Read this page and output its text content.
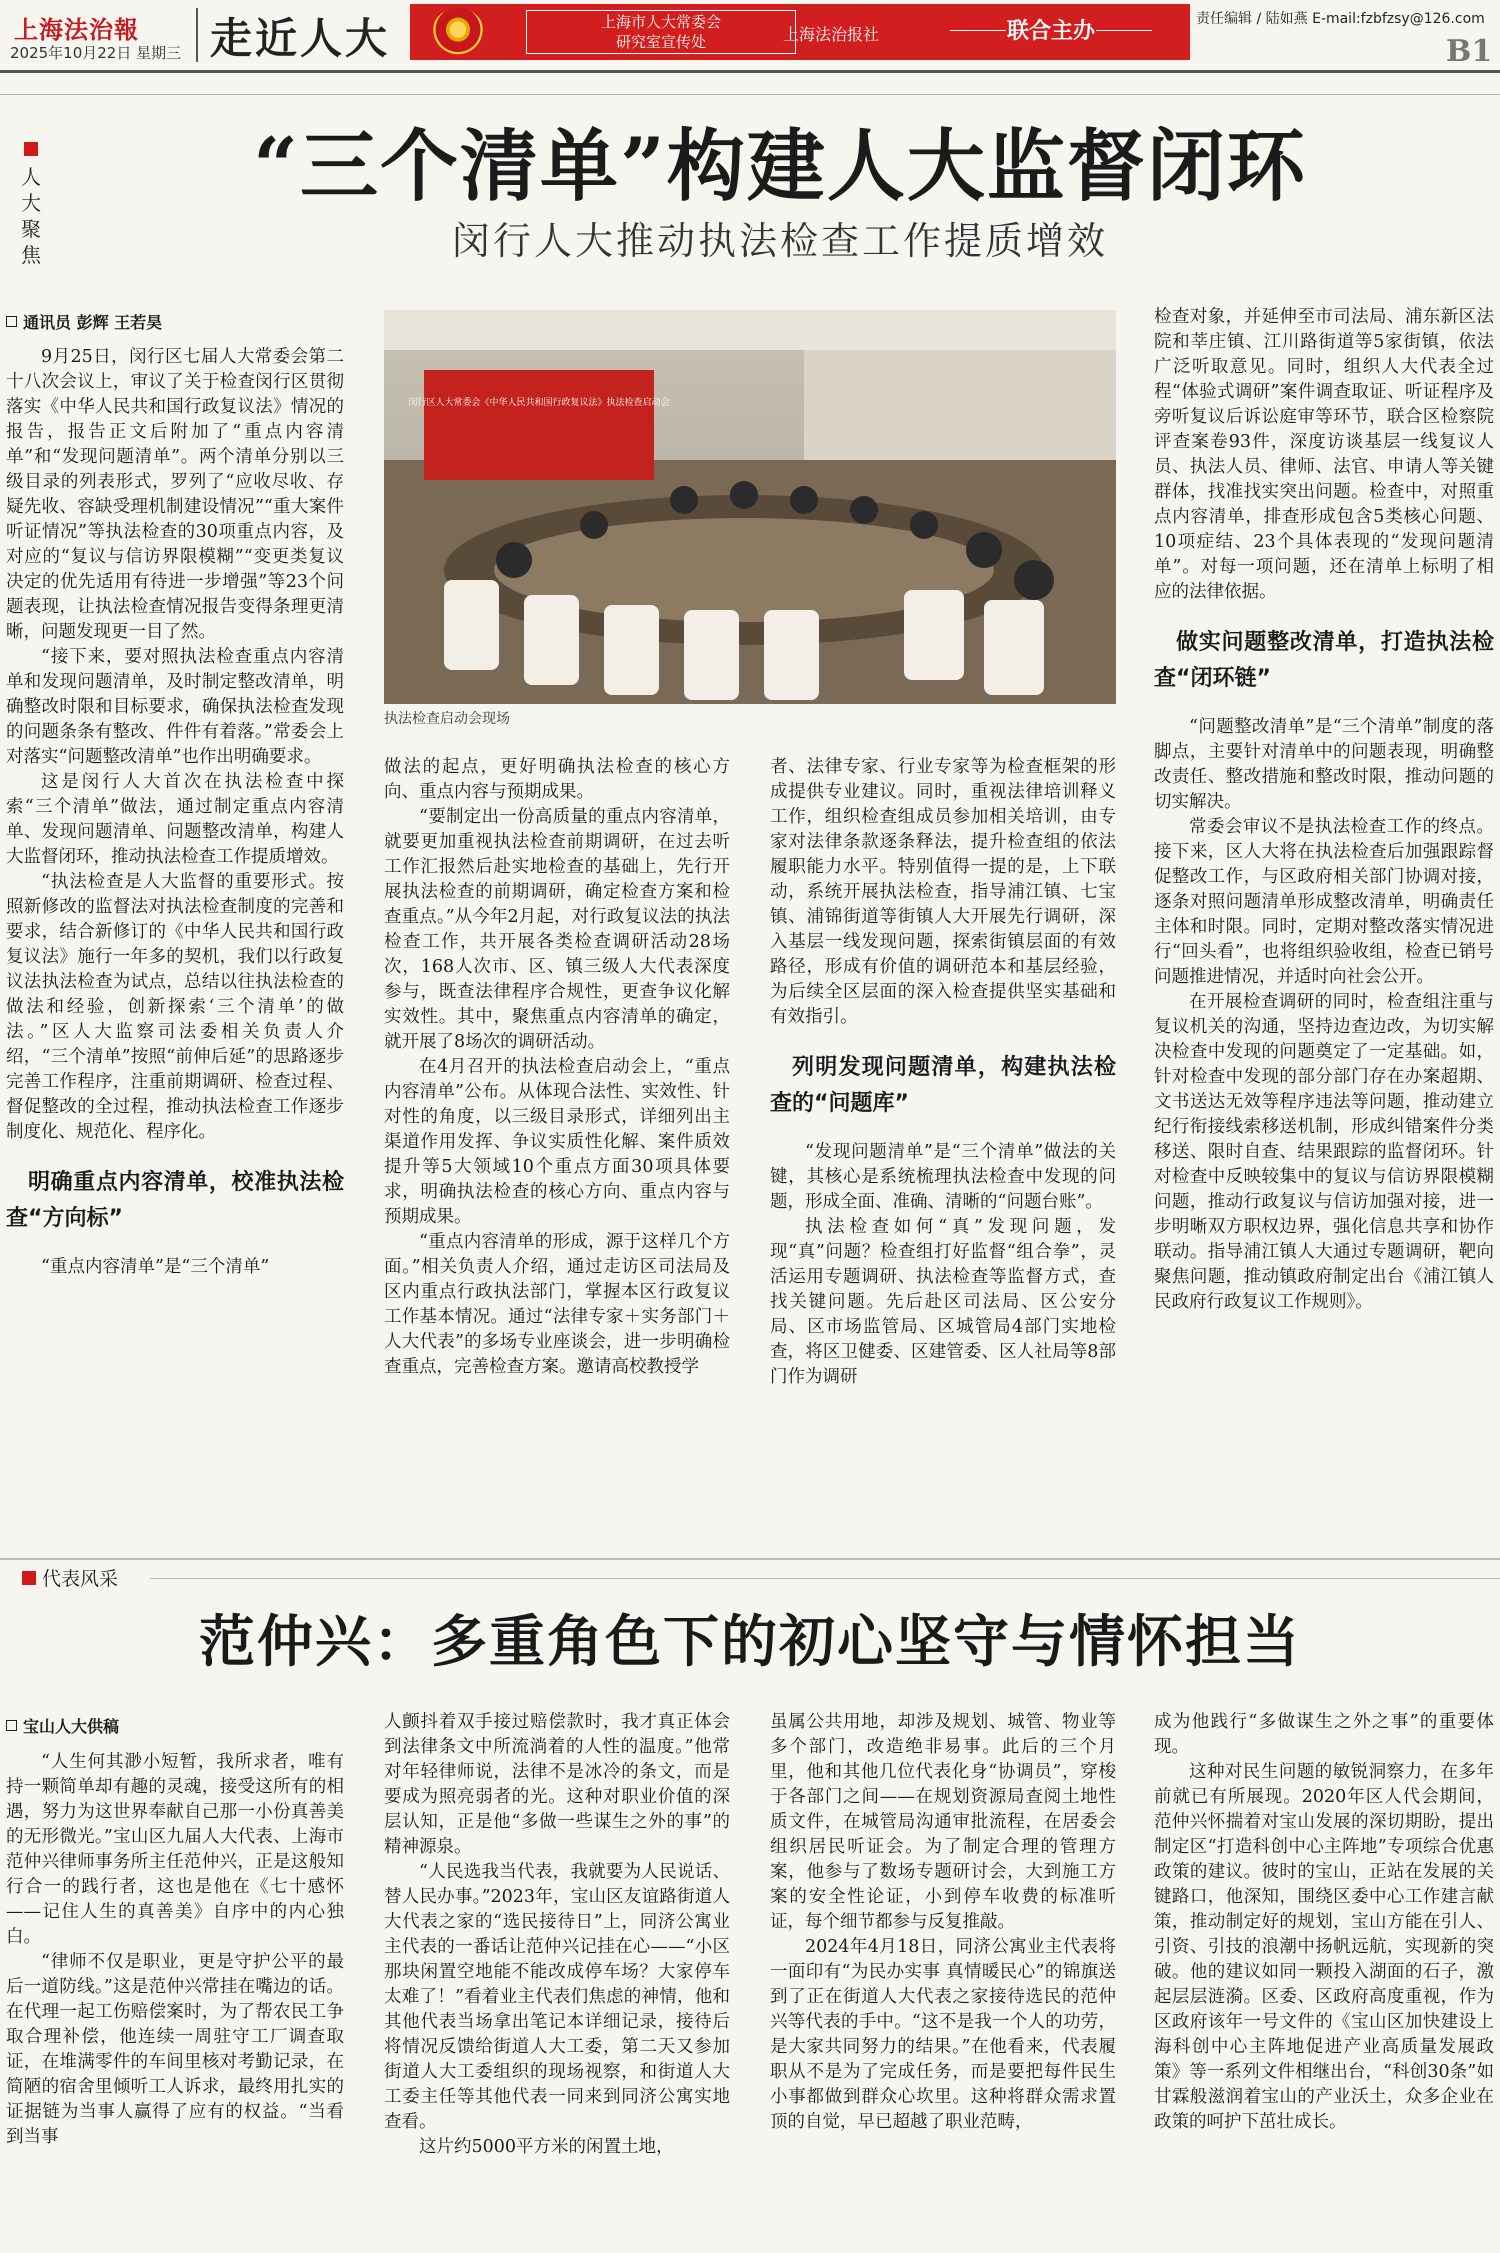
上海法治報
2025年10月22日 星期三 走近人大	上海市人大常委会
研究室宣传处	上海法治报社	联合主办	责任编辑 / 陆如燕 E-mail:fzbfzsy@126.com
B1
人大聚焦
“三个清单”构建人大监督闭环
闵行人大推动执法检查工作提质增效
通讯员 彭辉 王若昊

9月25日，闵行区七届人大常委会第二十八次会议上，审议了关于检查闵行区贯彻落实《中华人民共和国行政复议法》情况的报告，报告正文后附加了“重点内容清单”和“发现问题清单”。两个清单分别以三级目录的列表形式，罗列了“应收尽收、存疑先收、容缺受理机制建设情况”“重大案件听证情况”等执法检查的30项重点内容，及对应的“复议与信访界限模糊”“变更类复议决定的优先适用有待进一步增强”等23个问题表现，让执法检查情况报告变得条理更清晰，问题发现更一目了然。

“接下来，要对照执法检查重点内容清单和发现问题清单，及时制定整改清单，明确整改时限和目标要求，确保执法检查发现的问题条条有整改、件件有着落。”常委会上对落实“问题整改清单”也作出明确要求。

这是闵行人大首次在执法检查中探索“三个清单”做法，通过制定重点内容清单、发现问题清单、问题整改清单，构建人大监督闭环，推动执法检查工作提质增效。

“执法检查是人大监督的重要形式。按照新修改的监督法对执法检查制度的完善和要求，结合新修订的《中华人民共和国行政复议法》施行一年多的契机，我们以行政复议法执法检查为试点，总结以往执法检查的做法和经验，创新探索‘三个清单’的做法。”区人大监察司法委相关负责人介绍，“三个清单”按照“前伸后延”的思路逐步完善工作程序，注重前期调研、检查过程、督促整改的全过程，推动执法检查工作逐步制度化、规范化、程序化。

明确重点内容清单，校准执法检查“方向标”

“重点内容清单”是“三个清单”

闵行区人大常委会《中华人民共和国行政复议法》执法检查启动会
执法检查启动会现场

做法的起点，更好明确执法检查的核心方向、重点内容与预期成果。

“要制定出一份高质量的重点内容清单，就要更加重视执法检查前期调研，在过去听工作汇报然后赴实地检查的基础上，先行开展执法检查的前期调研，确定检查方案和检查重点。”从今年2月起，对行政复议法的执法检查工作，共开展各类检查调研活动28场次，168人次市、区、镇三级人大代表深度参与，既查法律程序合规性，更查争议化解实效性。其中，聚焦重点内容清单的确定，就开展了8场次的调研活动。

在4月召开的执法检查启动会上，“重点内容清单”公布。从体现合法性、实效性、针对性的角度，以三级目录形式，详细列出主渠道作用发挥、争议实质性化解、案件质效提升等5大领域10个重点方面30项具体要求，明确执法检查的核心方向、重点内容与预期成果。

“重点内容清单的形成，源于这样几个方面。”相关负责人介绍，通过走访区司法局及区内重点行政执法部门，掌握本区行政复议工作基本情况。通过“法律专家＋实务部门＋人大代表”的多场专业座谈会，进一步明确检查重点，完善检查方案。邀请高校教授学

者、法律专家、行业专家等为检查框架的形成提供专业建议。同时，重视法律培训释义工作，组织检查组成员参加相关培训，由专家对法律条款逐条释法，提升检查组的依法履职能力水平。特别值得一提的是，上下联动，系统开展执法检查，指导浦江镇、七宝镇、浦锦街道等街镇人大开展先行调研，深入基层一线发现问题，探索街镇层面的有效路径，形成有价值的调研范本和基层经验，为后续全区层面的深入检查提供坚实基础和有效指引。

列明发现问题清单，构建执法检查的“问题库”

“发现问题清单”是“三个清单”做法的关键，其核心是系统梳理执法检查中发现的问题，形成全面、准确、清晰的“问题台账”。

执法检查如何“真”发现问题，发现“真”问题？检查组打好监督“组合拳”，灵活运用专题调研、执法检查等监督方式，查找关键问题。先后赴区司法局、区公安分局、区市场监管局、区城管局4部门实地检查，将区卫健委、区建管委、区人社局等8部门作为调研

检查对象，并延伸至市司法局、浦东新区法院和莘庄镇、江川路街道等5家街镇，依法广泛听取意见。同时，组织人大代表全过程“体验式调研”案件调查取证、听证程序及旁听复议后诉讼庭审等环节，联合区检察院评查案卷93件，深度访谈基层一线复议人员、执法人员、律师、法官、申请人等关键群体，找准找实突出问题。检查中，对照重点内容清单，排查形成包含5类核心问题、10项症结、23个具体表现的“发现问题清单”。对每一项问题，还在清单上标明了相应的法律依据。

做实问题整改清单，打造执法检查“闭环链”

“问题整改清单”是“三个清单”制度的落脚点，主要针对清单中的问题表现，明确整改责任、整改措施和整改时限，推动问题的切实解决。

常委会审议不是执法检查工作的终点。接下来，区人大将在执法检查后加强跟踪督促整改工作，与区政府相关部门协调对接，逐条对照问题清单形成整改清单，明确责任主体和时限。同时，定期对整改落实情况进行“回头看”，也将组织验收组，检查已销号问题推进情况，并适时向社会公开。

在开展检查调研的同时，检查组注重与复议机关的沟通，坚持边查边改，为切实解决检查中发现的问题奠定了一定基础。如，针对检查中发现的部分部门存在办案超期、文书送达无效等程序违法等问题，推动建立纪行衔接线索移送机制，形成纠错案件分类移送、限时自查、结果跟踪的监督闭环。针对检查中反映较集中的复议与信访界限模糊问题，推动行政复议与信访加强对接，进一步明晰双方职权边界，强化信息共享和协作联动。指导浦江镇人大通过专题调研，靶向聚焦问题，推动镇政府制定出台《浦江镇人民政府行政复议工作规则》。

代表风采
范仲兴：多重角色下的初心坚守与情怀担当
宝山人大供稿

“人生何其渺小短暂，我所求者，唯有持一颗简单却有趣的灵魂，接受这所有的相遇，努力为这世界奉献自己那一小份真善美的无形微光。”宝山区九届人大代表、上海市范仲兴律师事务所主任范仲兴，正是这般知行合一的践行者，这也是他在《七十感怀——记住人生的真善美》自序中的内心独白。

“律师不仅是职业，更是守护公平的最后一道防线。”这是范仲兴常挂在嘴边的话。在代理一起工伤赔偿案时，为了帮农民工争取合理补偿，他连续一周驻守工厂调查取证，在堆满零件的车间里核对考勤记录，在简陋的宿舍里倾听工人诉求，最终用扎实的证据链为当事人赢得了应有的权益。“当看到当事

人颤抖着双手接过赔偿款时，我才真正体会到法律条文中所流淌着的人性的温度。”他常对年轻律师说，法律不是冰冷的条文，而是要成为照亮弱者的光。这种对职业价值的深层认知，正是他“多做一些谋生之外的事”的精神源泉。

“人民选我当代表，我就要为人民说话、替人民办事。”2023年，宝山区友谊路街道人大代表之家的“选民接待日”上，同济公寓业主代表的一番话让范仲兴记挂在心——“小区那块闲置空地能不能改成停车场？大家停车太难了！”看着业主代表们焦虑的神情，他和其他代表当场拿出笔记本详细记录，接待后将情况反馈给街道人大工委，第二天又参加街道人大工委组织的现场视察，和街道人大工委主任等其他代表一同来到同济公寓实地查看。

这片约5000平方米的闲置土地，

虽属公共用地，却涉及规划、城管、物业等多个部门，改造绝非易事。此后的三个月里，他和其他几位代表化身“协调员”，穿梭于各部门之间——在规划资源局查阅土地性质文件，在城管局沟通审批流程，在居委会组织居民听证会。为了制定合理的管理方案，他参与了数场专题研讨会，大到施工方案的安全性论证，小到停车收费的标准听证，每个细节都参与反复推敲。

2024年4月18日，同济公寓业主代表将一面印有“为民办实事 真情暖民心”的锦旗送到了正在街道人大代表之家接待选民的范仲兴等代表的手中。“这不是我一个人的功劳，是大家共同努力的结果。”在他看来，代表履职从不是为了完成任务，而是要把每件民生小事都做到群众心坎里。这种将群众需求置顶的自觉，早已超越了职业范畴，

成为他践行“多做谋生之外之事”的重要体现。

这种对民生问题的敏锐洞察力，在多年前就已有所展现。2020年区人代会期间，范仲兴怀揣着对宝山发展的深切期盼，提出制定区“打造科创中心主阵地”专项综合优惠政策的建议。彼时的宝山，正站在发展的关键路口，他深知，围绕区委中心工作建言献策，推动制定好的规划，宝山方能在引人、引资、引技的浪潮中扬帆远航，实现新的突破。他的建议如同一颗投入湖面的石子，激起层层涟漪。区委、区政府高度重视，作为区政府该年一号文件的《宝山区加快建设上海科创中心主阵地促进产业高质量发展政策》等一系列文件相继出台，“科创30条”如甘霖般滋润着宝山的产业沃土，众多企业在政策的呵护下茁壮成长。
